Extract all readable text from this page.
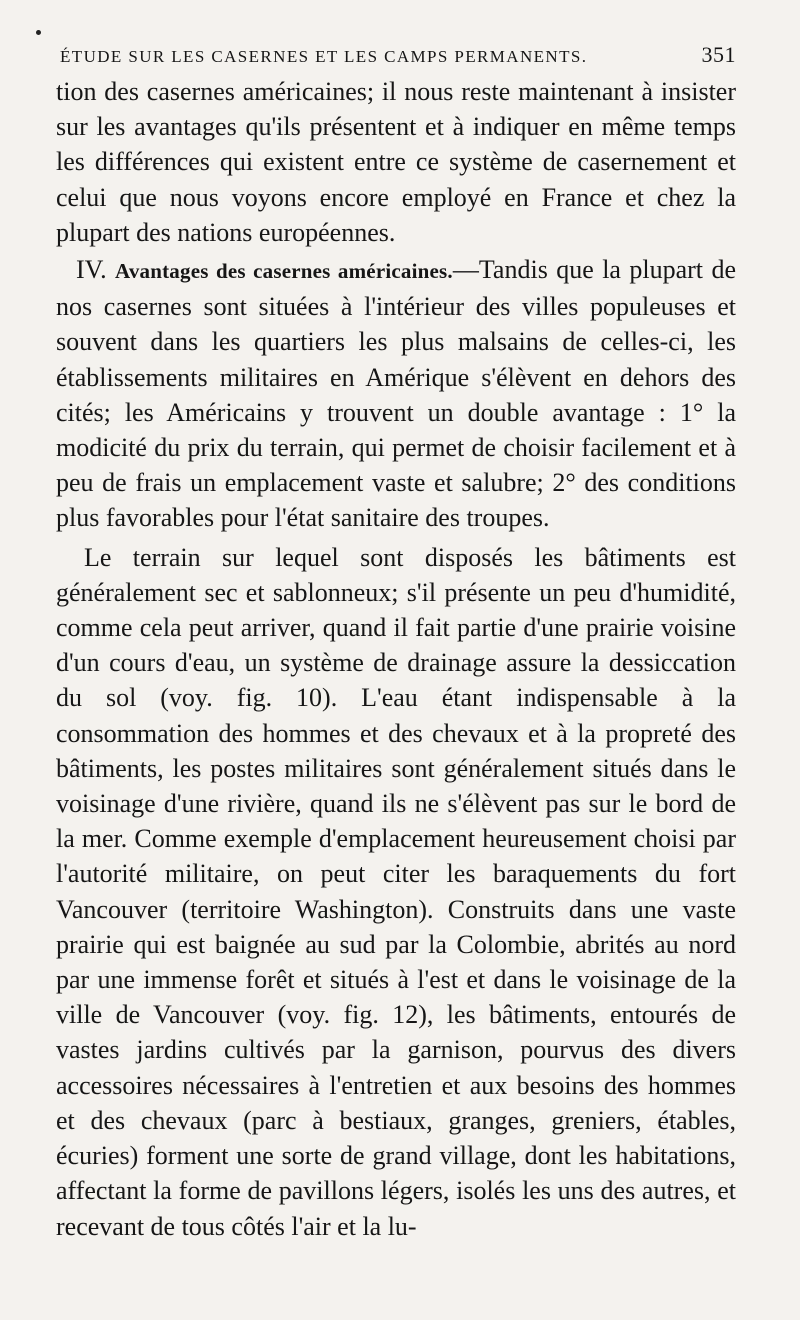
ÉTUDE SUR LES CASERNES ET LES CAMPS PERMANENTS.	351

tion des casernes américaines; il nous reste maintenant à insister sur les avantages qu'ils présentent et à indiquer en même temps les différences qui existent entre ce système de casernement et celui que nous voyons encore employé en France et chez la plupart des nations européennes.

IV. Avantages des casernes américaines.—Tandis que la plupart de nos casernes sont situées à l'intérieur des villes populeuses et souvent dans les quartiers les plus malsains de celles-ci, les établissements militaires en Amérique s'élèvent en dehors des cités; les Américains y trouvent un double avantage : 1° la modicité du prix du terrain, qui permet de choisir facilement et à peu de frais un emplacement vaste et salubre; 2° des conditions plus favorables pour l'état sanitaire des troupes.

Le terrain sur lequel sont disposés les bâtiments est généralement sec et sablonneux; s'il présente un peu d'humidité, comme cela peut arriver, quand il fait partie d'une prairie voisine d'un cours d'eau, un système de drainage assure la dessiccation du sol (voy. fig. 10). L'eau étant indispensable à la consommation des hommes et des chevaux et à la propreté des bâtiments, les postes militaires sont généralement situés dans le voisinage d'une rivière, quand ils ne s'élèvent pas sur le bord de la mer. Comme exemple d'emplacement heureusement choisi par l'autorité militaire, on peut citer les baraquements du fort Vancouver (territoire Washington). Construits dans une vaste prairie qui est baignée au sud par la Colombie, abrités au nord par une immense forêt et situés à l'est et dans le voisinage de la ville de Vancouver (voy. fig. 12), les bâtiments, entourés de vastes jardins cultivés par la garnison, pourvus des divers accessoires nécessaires à l'entretien et aux besoins des hommes et des chevaux (parc à bestiaux, granges, greniers, étables, écuries) forment une sorte de grand village, dont les habitations, affectant la forme de pavillons légers, isolés les uns des autres, et recevant de tous côtés l'air et la lu-
